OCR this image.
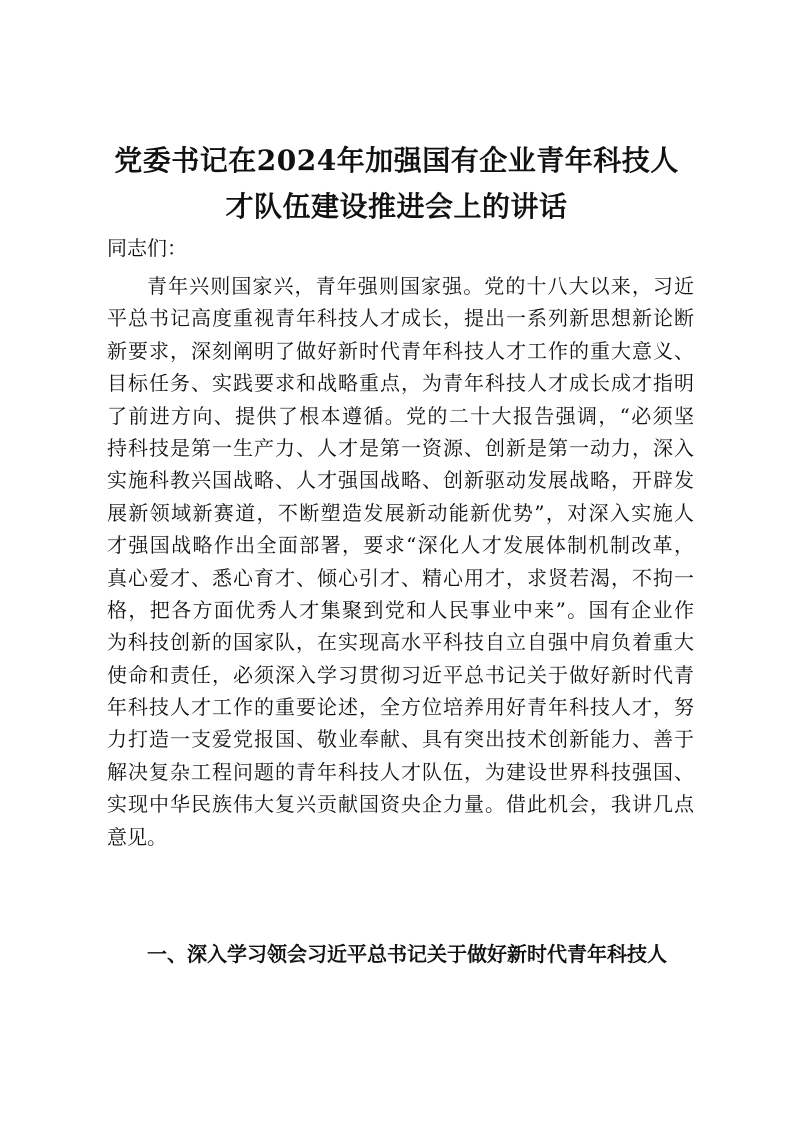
党委书记在2024年加强国有企业青年科技人
才队伍建设推进会上的讲话
同志们：
青年兴则国家兴，青年强则国家强。党的十八大以来，习近
平总书记高度重视青年科技人才成长，提出一系列新思想新论断
新要求，深刻阐明了做好新时代青年科技人才工作的重大意义、
目标任务、实践要求和战略重点，为青年科技人才成长成才指明
了前进方向、提供了根本遵循。党的二十大报告强调，“必须坚
持科技是第一生产力、人才是第一资源、创新是第一动力，深入
实施科教兴国战略、人才强国战略、创新驱动发展战略，开辟发
展新领域新赛道，不断塑造发展新动能新优势”，对深入实施人
才强国战略作出全面部署，要求“深化人才发展体制机制改革，
真心爱才、悉心育才、倾心引才、精心用才，求贤若渴，不拘一
格，把各方面优秀人才集聚到党和人民事业中来”。国有企业作
为科技创新的国家队，在实现高水平科技自立自强中肩负着重大
使命和责任，必须深入学习贯彻习近平总书记关于做好新时代青
年科技人才工作的重要论述，全方位培养用好青年科技人才，努
力打造一支爱党报国、敬业奉献、具有突出技术创新能力、善于
解决复杂工程问题的青年科技人才队伍，为建设世界科技强国、
实现中华民族伟大复兴贡献国资央企力量。借此机会，我讲几点
意见。
一、深入学习领会习近平总书记关于做好新时代青年科技人
